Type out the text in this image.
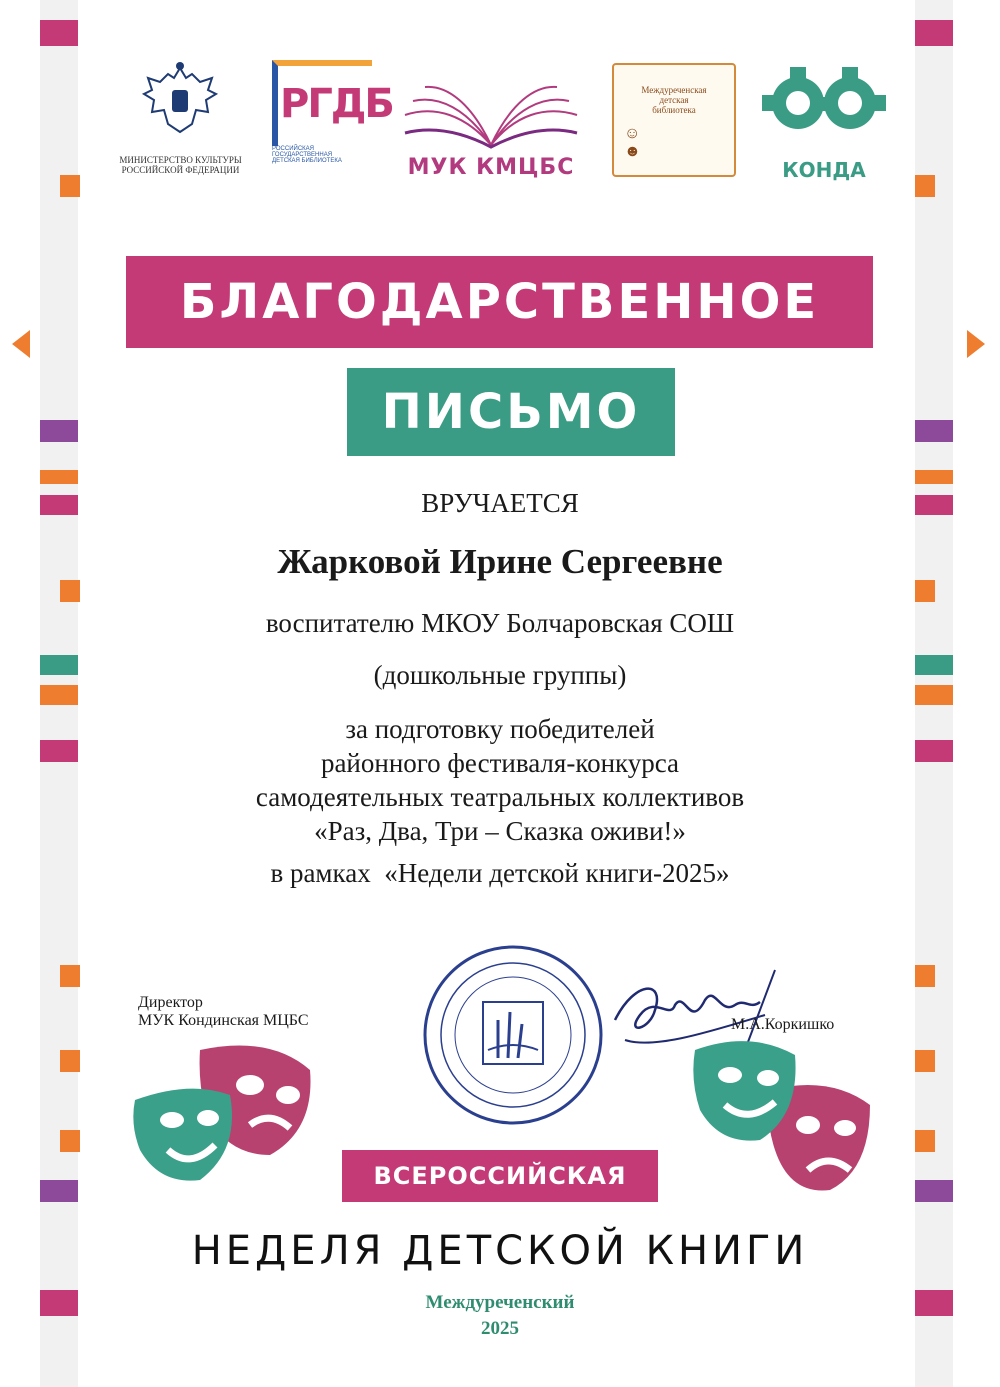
МИНИСТЕРСТВО КУЛЬТУРЫ
РОССИЙСКОЙ ФЕДЕРАЦИИ
РГДБ
РОССИЙСКАЯ ГОСУДАРСТВЕННАЯ
ДЕТСКАЯ БИБЛИОТЕКА	МУК КМЦБС
Междуреченская
детская
библиотека
☺
☻
КОНДА
БЛАГОДАРСТВЕННОЕ
ПИСЬМО
ВРУЧАЕТСЯ
Жарковой Ирине Сергеевне
воспитателю МКОУ Болчаровская СОШ
(дошкольные группы)
за подготовку победителей
районного фестиваля-конкурса
самодеятельных театральных коллективов
«Раз, Два, Три – Сказка оживи!»
в рамках  «Недели детской книги-2025»
Директор
МУК Кондинская МЦБС	М.А.Коркишко
ВСЕРОССИЙСКАЯ
НЕДЕЛЯ ДЕТСКОЙ КНИГИ
Междуреченский
2025
